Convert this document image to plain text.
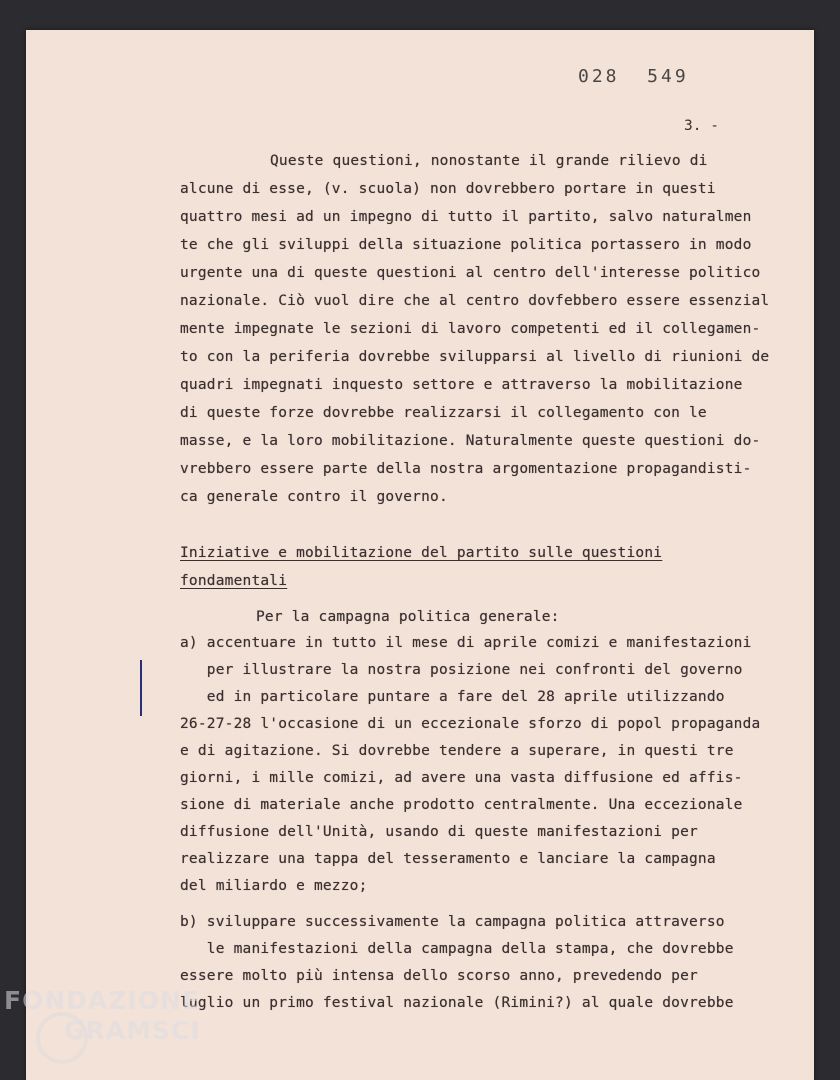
028  549
3. -
Queste questioni, nonostante il grande rilievo di
alcune di esse, (v. scuola) non dovrebbero portare in questi
quattro mesi ad un impegno di tutto il partito, salvo naturalmen
te che gli sviluppi della situazione politica portassero in modo
urgente una di queste questioni al centro dell'interesse politico
nazionale. Ciò vuol dire che al centro dovfebbero essere essenzial
mente impegnate le sezioni di lavoro competenti ed il collegamen-
to con la periferia dovrebbe svilupparsi al livello di riunioni de
quadri impegnati inquesto settore e attraverso la mobilitazione
di queste forze dovrebbe realizzarsi il collegamento con le
masse, e la loro mobilitazione. Naturalmente queste questioni do-
vrebbero essere parte della nostra argomentazione propagandisti-
ca generale contro il governo.
Iniziative e mobilitazione del partito sulle questioni
fondamentali
Per la campagna politica generale:
a) accentuare in tutto il mese di aprile comizi e manifestazioni
per illustrare la nostra posizione nei confronti del governo
ed in particolare puntare a fare del 28 aprile utilizzando
26-27-28 l'occasione di un eccezionale sforzo di popol propaganda
e di agitazione. Si dovrebbe tendere a superare, in questi tre
giorni, i mille comizi, ad avere una vasta diffusione ed affis-
sione di materiale anche prodotto centralmente. Una eccezionale
diffusione dell'Unità, usando di queste manifestazioni per
realizzare una tappa del tesseramento e lanciare la campagna
del miliardo e mezzo;
b) sviluppare successivamente la campagna politica attraverso
le manifestazioni della campagna della stampa, che dovrebbe
essere molto più intensa dello scorso anno, prevedendo per
luglio un primo festival nazionale (Rimini?) al quale dovrebbe
FONDAZIONE
GRAMSCI
